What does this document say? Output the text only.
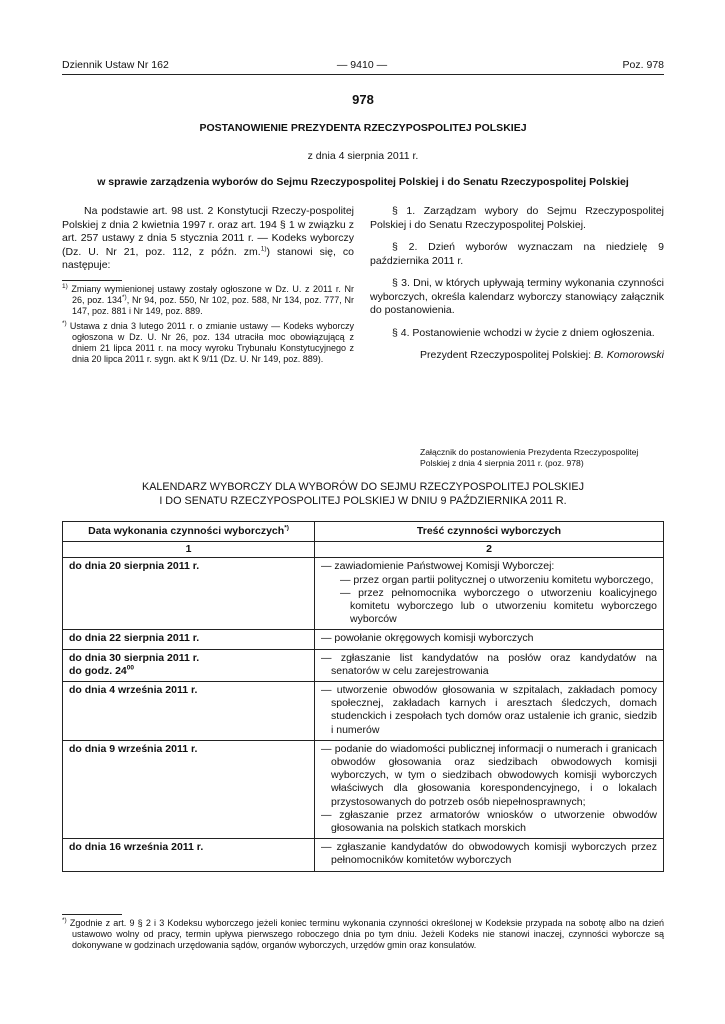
Dziennik Ustaw Nr 162	— 9410 —	Poz. 978
978
POSTANOWIENIE PREZYDENTA RZECZYPOSPOLITEJ POLSKIEJ
z dnia 4 sierpnia 2011 r.
w sprawie zarządzenia wyborów do Sejmu Rzeczypospolitej Polskiej i do Senatu Rzeczypospolitej Polskiej

Na podstawie art. 98 ust. 2 Konstytucji Rzeczy-pospolitej Polskiej z dnia 2 kwietnia 1997 r. oraz art. 194 § 1 w związku z art. 257 ustawy z dnia 5 stycznia 2011 r. — Kodeks wyborczy (Dz. U. Nr 21, poz. 112, z późn. zm.$^{1)}$) stanowi się, co następuje:

$^{1)}$ Zmiany wymienionej ustawy zostały ogłoszone w Dz. U. z 2011 r. Nr 26, poz. 134*), Nr 94, poz. 550, Nr 102, poz. 588, Nr 134, poz. 777, Nr 147, poz. 881 i Nr 149, poz. 889.

*) Ustawa z dnia 3 lutego 2011 r. o zmianie ustawy — Kodeks wyborczy ogłoszona w Dz. U. Nr 26, poz. 134 utraciła moc obowiązującą z dniem 21 lipca 2011 r. na mocy wyroku Trybunału Konstytucyjnego z dnia 20 lipca 2011 r. sygn. akt K 9/11 (Dz. U. Nr 149, poz. 889).

§ 1. Zarządzam wybory do Sejmu Rzeczypospolitej Polskiej i do Senatu Rzeczypospolitej Polskiej.

§ 2. Dzień wyborów wyznaczam na niedzielę 9 października 2011 r.

§ 3. Dni, w których upływają terminy wykonania czynności wyborczych, określa kalendarz wyborczy stanowiący załącznik do postanowienia.

§ 4. Postanowienie wchodzi w życie z dniem ogłoszenia.

Prezydent Rzeczypospolitej Polskiej: B. Komorowski

Załącznik do postanowienia Prezydenta Rzeczypospolitej Polskiej z dnia 4 sierpnia 2011 r. (poz. 978)
KALENDARZ WYBORCZY DLA WYBORÓW DO SEJMU RZECZYPOSPOLITEJ POLSKIEJ
I DO SENATU RZECZYPOSPOLITEJ POLSKIEJ W DNIU 9 PAŹDZIERNIKA 2011 R.
Data wykonania czynności wyborczych*)	Treść czynności wyborczych
1	2
do dnia 20 sierpnia 2011 r.	— zawiadomienie Państwowej Komisji Wyborczej:
— przez organ partii politycznej o utworzeniu komitetu wyborczego,
— przez pełnomocnika wyborczego o utworzeniu koalicyjnego komitetu wyborczego lub o utworzeniu komitetu wyborczego wyborców

do dnia 22 sierpnia 2011 r.	— powołanie okręgowych komisji wyborczych

do dnia 30 sierpnia 2011 r.
do godz. $24^{00}$	— zgłaszanie list kandydatów na posłów oraz kandydatów na senatorów w celu zarejestrowania

do dnia 4 września 2011 r.	— utworzenie obwodów głosowania w szpitalach, zakładach pomocy społecznej, zakładach karnych i aresztach śledczych, domach studenckich i zespołach tych domów oraz ustalenie ich granic, siedzib i numerów

do dnia 9 września 2011 r.	— podanie do wiadomości publicznej informacji o numerach i granicach obwodów głosowania oraz siedzibach obwodowych komisji wyborczych, w tym o siedzibach obwodowych komisji wyborczych właściwych dla głosowania korespondencyjnego, i o lokalach przystosowanych do potrzeb osób niepełnosprawnych;
— zgłaszanie przez armatorów wniosków o utworzenie obwodów głosowania na polskich statkach morskich

do dnia 16 września 2011 r.	— zgłaszanie kandydatów do obwodowych komisji wyborczych przez pełnomocników komitetów wyborczych

*) Zgodnie z art. 9 § 2 i 3 Kodeksu wyborczego jeżeli koniec terminu wykonania czynności określonej w Kodeksie przypada na sobotę albo na dzień ustawowo wolny od pracy, termin upływa pierwszego roboczego dnia po tym dniu. Jeżeli Kodeks nie stanowi inaczej, czynności wyborcze są dokonywane w godzinach urzędowania sądów, organów wyborczych, urzędów gmin oraz konsulatów.
